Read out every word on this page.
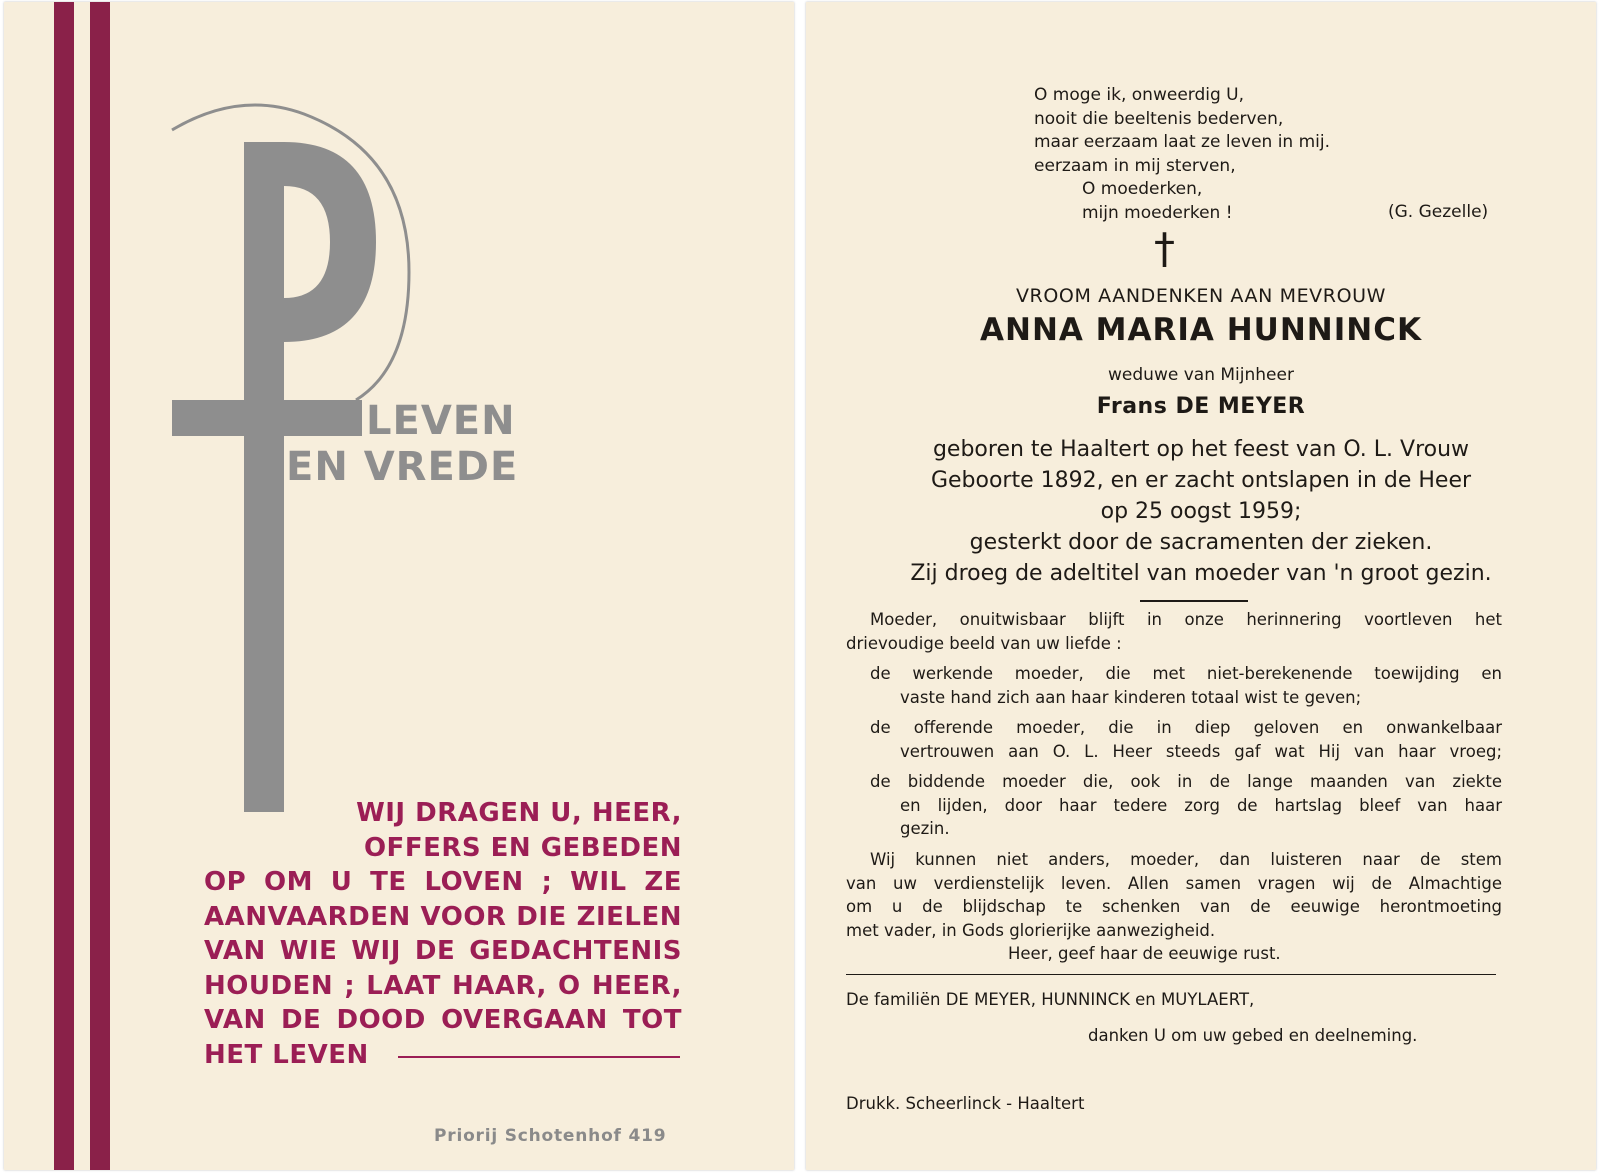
LEVEN
EN VREDE
WIJ DRAGEN U, HEER,
OFFERS EN GEBEDEN
OP OM U TE LOVEN ; WIL ZE
AANVAARDEN VOOR DIE ZIELEN
VAN WIE WIJ DE GEDACHTENIS
HOUDEN ; LAAT HAAR, O HEER,
VAN DE DOOD OVERGAAN TOT
HET LEVEN
Priorij Schotenhof 419
O moge ik, onweerdig U,
nooit die beeltenis bederven,
maar eerzaam laat ze leven in mij.
eerzaam in mij sterven,
O moederken,
mijn moederken !	(G. Gezelle)
†
VROOM AANDENKEN AAN MEVROUW
ANNA MARIA HUNNINCK
weduwe van Mijnheer
Frans DE MEYER
geboren te Haaltert op het feest van O. L. Vrouw
Geboorte 1892, en er zacht ontslapen in de Heer
op 25 oogst 1959;
gesterkt door de sacramenten der zieken.
Zij droeg de adeltitel van moeder van 'n groot gezin.
Moeder, onuitwisbaar blijft in onze herinnering voortleven het
drievoudige beeld van uw liefde :
de werkende moeder, die met niet-berekenende toewijding en
vaste hand zich aan haar kinderen totaal wist te geven;
de offerende moeder, die in diep geloven en onwankelbaar
vertrouwen aan O. L. Heer steeds gaf wat Hij van haar vroeg;
de biddende moeder die, ook in de lange maanden van ziekte
en lijden, door haar tedere zorg de hartslag bleef van haar
gezin.
Wij kunnen niet anders, moeder, dan luisteren naar de stem
van uw verdienstelijk leven. Allen samen vragen wij de Almachtige
om u de blijdschap te schenken van de eeuwige herontmoeting
met vader, in Gods glorierijke aanwezigheid.
Heer, geef haar de eeuwige rust.
De familiën DE MEYER, HUNNINCK en MUYLAERT,
danken U om uw gebed en deelneming.
Drukk. Scheerlinck - Haaltert
